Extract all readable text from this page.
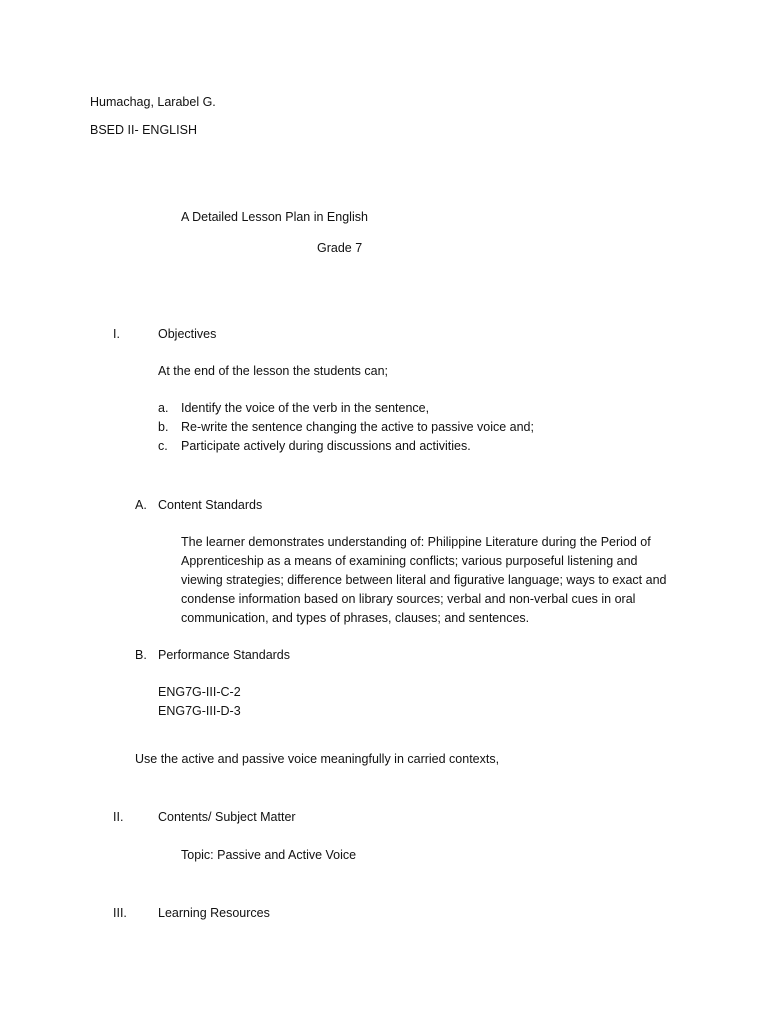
Humachag, Larabel G.
BSED II- ENGLISH
A Detailed Lesson Plan in English
Grade 7
I.	Objectives
At the end of the lesson the students can;
a. Identify the voice of the verb in the sentence,
b. Re-write the sentence changing the active to passive voice and;
c. Participate actively during discussions and activities.
A. Content Standards
The learner demonstrates understanding of: Philippine Literature during the Period of Apprenticeship as a means of examining conflicts; various purposeful listening and viewing strategies; difference between literal and figurative language; ways to exact and condense information based on library sources; verbal and non-verbal cues in oral communication, and types of phrases, clauses; and sentences.
B. Performance Standards
ENG7G-III-C-2
ENG7G-III-D-3
Use the active and passive voice meaningfully in carried contexts,
II.	Contents/ Subject Matter
Topic: Passive and Active Voice
III. Learning Resources
